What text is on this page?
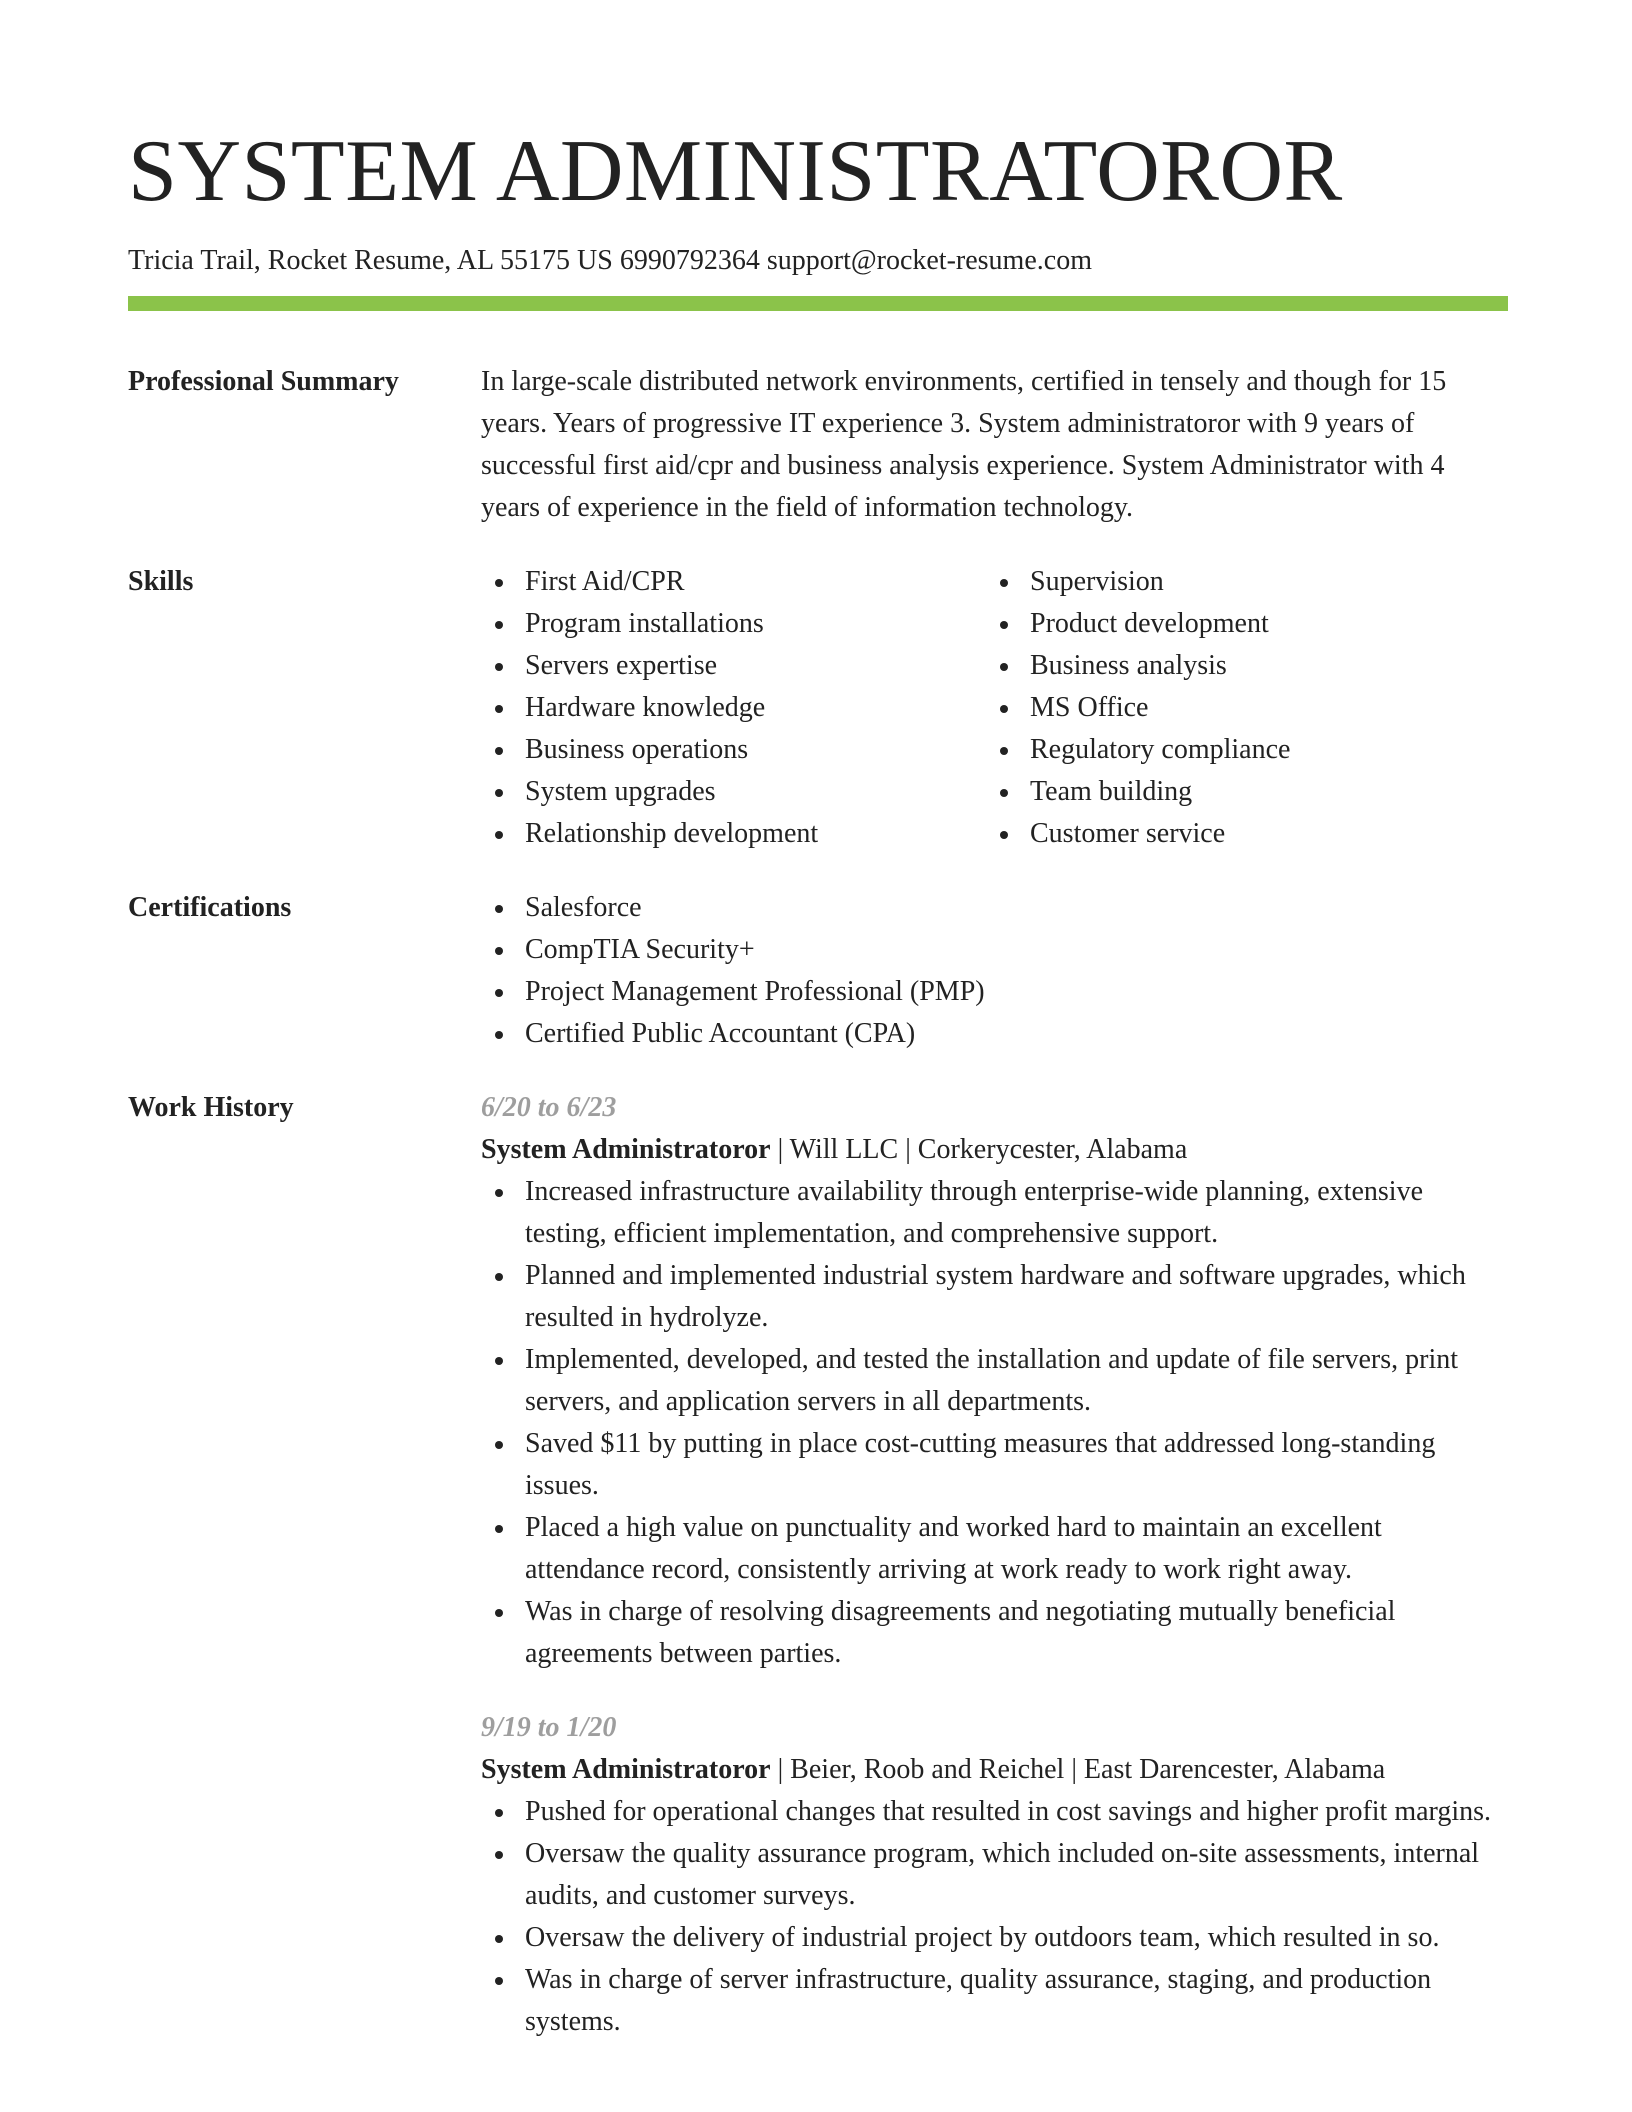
SYSTEM ADMINISTRATOROR
Tricia Trail, Rocket Resume, AL 55175 US 6990792364 support@rocket-resume.com
Professional Summary	In large-scale distributed network environments, certified in tensely and though for 15 years. Years of progressive IT experience 3. System administratoror with 9 years of successful first aid/cpr and business analysis experience. System Administrator with 4 years of experience in the field of information technology.

Skills	First Aid/CPR
Program installations
Servers expertise
Hardware knowledge
Business operations
System upgrades
Relationship development
Supervision
Product development
Business analysis
MS Office
Regulatory compliance
Team building
Customer service
Certifications	Salesforce
CompTIA Security+
Project Management Professional (PMP)
Certified Public Accountant (CPA)
Work History	6/20 to 6/23
System Administratoror | Will LLC | Corkerycester, Alabama
Increased infrastructure availability through enterprise-wide planning, extensive testing, efficient implementation, and comprehensive support.
Planned and implemented industrial system hardware and software upgrades, which resulted in hydrolyze.
Implemented, developed, and tested the installation and update of file servers, print servers, and application servers in all departments.
Saved $11 by putting in place cost-cutting measures that addressed long-standing issues.
Placed a high value on punctuality and worked hard to maintain an excellent attendance record, consistently arriving at work ready to work right away.
Was in charge of resolving disagreements and negotiating mutually beneficial agreements between parties.
9/19 to 1/20
System Administratoror | Beier, Roob and Reichel | East Darencester, Alabama
Pushed for operational changes that resulted in cost savings and higher profit margins.
Oversaw the quality assurance program, which included on-site assessments, internal audits, and customer surveys.
Oversaw the delivery of industrial project by outdoors team, which resulted in so.
Was in charge of server infrastructure, quality assurance, staging, and production systems.
